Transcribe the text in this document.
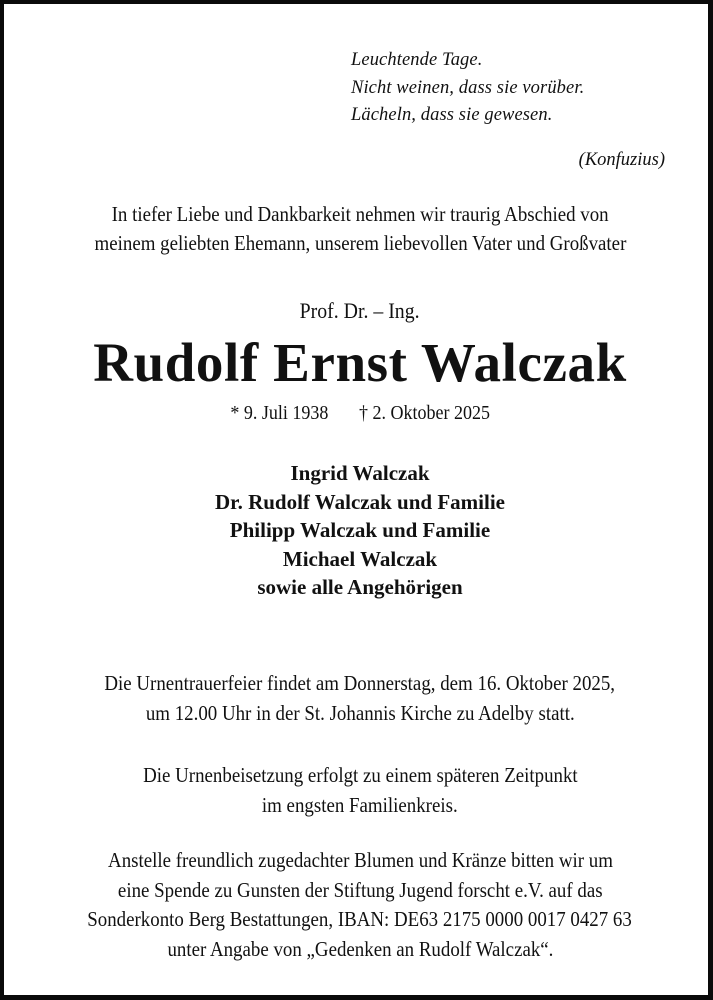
Leuchtende Tage.
Nicht weinen, dass sie vorüber.
Lächeln, dass sie gewesen.
(Konfuzius)
In tiefer Liebe und Dankbarkeit nehmen wir traurig Abschied von
meinem geliebten Ehemann, unserem liebevollen Vater und Großvater
Prof. Dr. – Ing.
Rudolf Ernst Walczak
* 9. Juli 1938 † 2. Oktober 2025
Ingrid Walczak
Dr. Rudolf Walczak und Familie
Philipp Walczak und Familie
Michael Walczak
sowie alle Angehörigen
Die Urnentrauerfeier findet am Donnerstag, dem 16. Oktober 2025,
um 12.00 Uhr in der St. Johannis Kirche zu Adelby statt.
Die Urnenbeisetzung erfolgt zu einem späteren Zeitpunkt
im engsten Familienkreis.
Anstelle freundlich zugedachter Blumen und Kränze bitten wir um
eine Spende zu Gunsten der Stiftung Jugend forscht e.V. auf das
Sonderkonto Berg Bestattungen, IBAN: DE63 2175 0000 0017 0427 63
unter Angabe von „Gedenken an Rudolf Walczak“.
